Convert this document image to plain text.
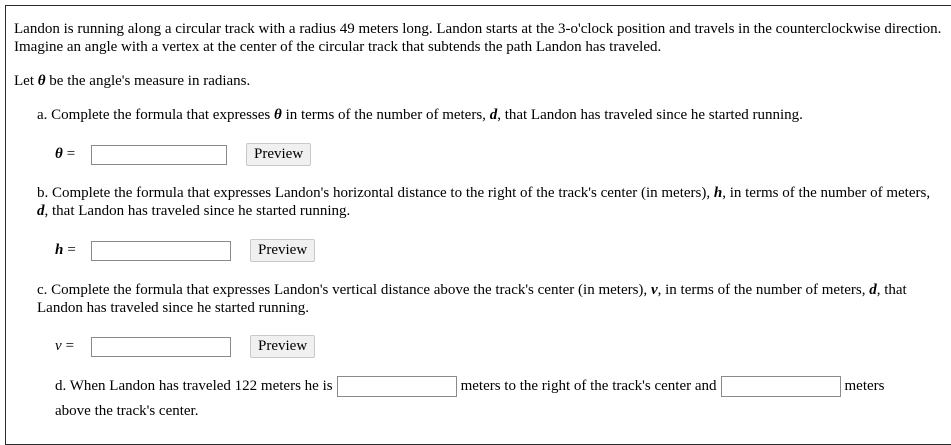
Landon is running along a circular track with a radius 49 meters long. Landon starts at the 3-o'clock position and travels in the counterclockwise direction. Imagine an angle with a vertex at the center of the circular track that subtends the path Landon has traveled.
Let θ be the angle's measure in radians.
a. Complete the formula that expresses θ in terms of the number of meters, d, that Landon has traveled since he started running.
θ =	Preview
b. Complete the formula that expresses Landon's horizontal distance to the right of the track's center (in meters), h, in terms of the number of meters, d, that Landon has traveled since he started running.
h =	Preview
c. Complete the formula that expresses Landon's vertical distance above the track's center (in meters), v, in terms of the number of meters, d, that Landon has traveled since he started running.
v =	Preview
d. When Landon has traveled 122 meters he is	meters to the right of the track's center and	meters
above the track's center.
